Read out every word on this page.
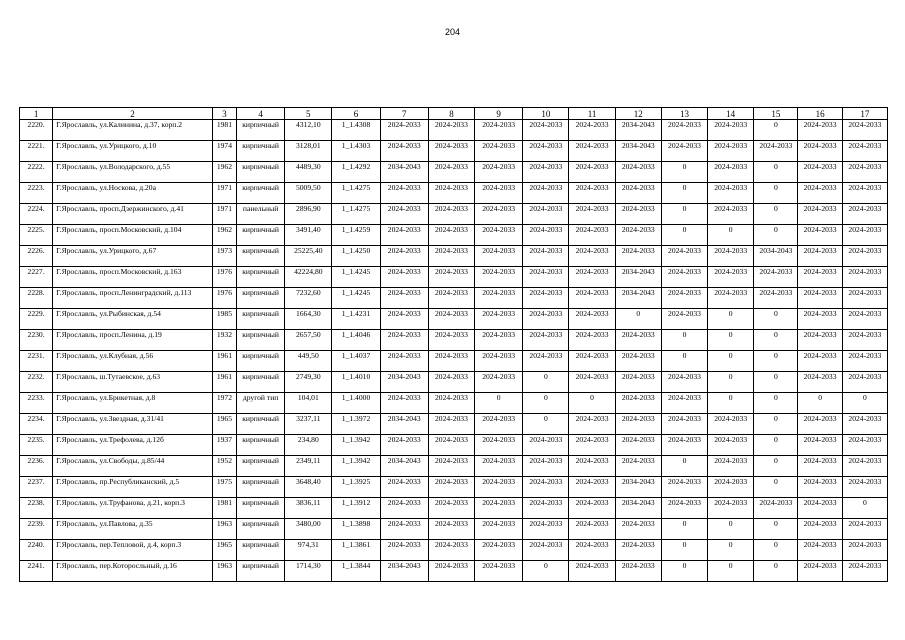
204
1	2	3	4	5	6	7	8	9	10	11	12	13	14	15	16	17
2220.	Г.Ярославль, ул.Калинина, д.37, корп.2	1981	кирпичный	4312,10	1_1.4308	2024-2033	2024-2033	2024-2033	2024-2033	2024-2033	2034-2043	2024-2033	2024-2033	0	2024-2033	2024-2033
2221.	Г.Ярославль, ул.Урицкого, д.10	1974	кирпичный	3128,01	1_1.4303	2024-2033	2024-2033	2024-2033	2024-2033	2024-2033	2034-2043	2024-2033	2024-2033	2024-2033	2024-2033	2024-2033
2222.	Г.Ярославль, ул.Володарского, д.55	1962	кирпичный	4489,30	1_1.4292	2034-2043	2024-2033	2024-2033	2024-2033	2024-2033	2024-2033	0	2024-2033	0	2024-2033	2024-2033
2223.	Г.Ярославль, ул.Носкова, д.20а	1971	кирпичный	5009,50	1_1.4275	2024-2033	2024-2033	2024-2033	2024-2033	2024-2033	2024-2033	0	2024-2033	0	2024-2033	2024-2033
2224.	Г.Ярославль, просп.Дзержинского, д.41	1971	панельный	2896,90	1_1.4275	2024-2033	2024-2033	2024-2033	2024-2033	2024-2033	2024-2033	0	2024-2033	0	2024-2033	2024-2033
2225.	Г.Ярославль, просп.Московский, д.104	1962	кирпичный	3491,40	1_1.4259	2024-2033	2024-2033	2024-2033	2024-2033	2024-2033	2024-2033	0	0	0	2024-2033	2024-2033
2226.	Г.Ярославль, ул.Урицкого, д.67	1973	кирпичный	25225,40	1_1.4250	2024-2033	2024-2033	2024-2033	2024-2033	2024-2033	2024-2033	2024-2033	2024-2033	2034-2043	2024-2033	2024-2033
2227.	Г.Ярославль, просп.Московский, д.163	1976	кирпичный	42224,80	1_1.4245	2024-2033	2024-2033	2024-2033	2024-2033	2024-2033	2034-2043	2024-2033	2024-2033	2024-2033	2024-2033	2024-2033
2228.	Г.Ярославль, просп.Ленинградский, д.113	1976	кирпичный	7232,60	1_1.4245	2024-2033	2024-2033	2024-2033	2024-2033	2024-2033	2034-2043	2024-2033	2024-2033	2024-2033	2024-2033	2024-2033
2229.	Г.Ярославль, ул.Рыбинская, д.54	1985	кирпичный	1664,30	1_1.4231	2024-2033	2024-2033	2024-2033	2024-2033	2024-2033	0	2024-2033	0	0	2024-2033	2024-2033
2230.	Г.Ярославль, просп.Ленина, д.19	1932	кирпичный	2657,50	1_1.4046	2024-2033	2024-2033	2024-2033	2024-2033	2024-2033	2024-2033	0	0	0	2024-2033	2024-2033
2231.	Г.Ярославль, ул.Клубная, д.56	1961	кирпичный	449,50	1_1.4037	2024-2033	2024-2033	2024-2033	2024-2033	2024-2033	2024-2033	0	0	0	2024-2033	2024-2033
2232.	Г.Ярославль, ш.Тутаевское, д.63	1961	кирпичный	2749,30	1_1.4010	2034-2043	2024-2033	2024-2033	0	2024-2033	2024-2033	2024-2033	0	0	2024-2033	2024-2033
2233.	Г.Ярославль, ул.Брикетная, д.8	1972	другой тип	104,01	1_1.4000	2024-2033	2024-2033	0	0	0	2024-2033	2024-2033	0	0	0	0
2234.	Г.Ярославль, ул.Звездная, д.31/41	1965	кирпичный	3237,11	1_1.3972	2034-2043	2024-2033	2024-2033	0	2024-2033	2024-2033	2024-2033	2024-2033	0	2024-2033	2024-2033
2235.	Г.Ярославль, ул.Трефолева, д.12б	1937	кирпичный	234,80	1_1.3942	2024-2033	2024-2033	2024-2033	2024-2033	2024-2033	2024-2033	2024-2033	2024-2033	0	2024-2033	2024-2033
2236.	Г.Ярославль, ул.Свободы, д.85/44	1952	кирпичный	2349,11	1_1.3942	2034-2043	2024-2033	2024-2033	2024-2033	2024-2033	2024-2033	0	2024-2033	0	2024-2033	2024-2033
2237.	Г.Ярославль, пр.Республиканский, д.5	1975	кирпичный	3648,40	1_1.3925	2024-2033	2024-2033	2024-2033	2024-2033	2024-2033	2034-2043	2024-2033	2024-2033	0	2024-2033	2024-2033
2238.	Г.Ярославль, ул.Труфанова, д.21, корп.3	1981	кирпичный	3836,11	1_1.3912	2024-2033	2024-2033	2024-2033	2024-2033	2024-2033	2034-2043	2024-2033	2024-2033	2024-2033	2024-2033	0
2239.	Г.Ярославль, ул.Павлова, д.35	1963	кирпичный	3480,00	1_1.3898	2024-2033	2024-2033	2024-2033	2024-2033	2024-2033	2024-2033	0	0	0	2024-2033	2024-2033
2240.	Г.Ярославль, пер.Тепловой, д.4, корп.3	1965	кирпичный	974,31	1_1.3861	2024-2033	2024-2033	2024-2033	2024-2033	2024-2033	2024-2033	0	0	0	2024-2033	2024-2033
2241.	Г.Ярославль, пер.Которосльный, д.16	1963	кирпичный	1714,30	1_1.3844	2034-2043	2024-2033	2024-2033	0	2024-2033	2024-2033	0	0	0	2024-2033	2024-2033
